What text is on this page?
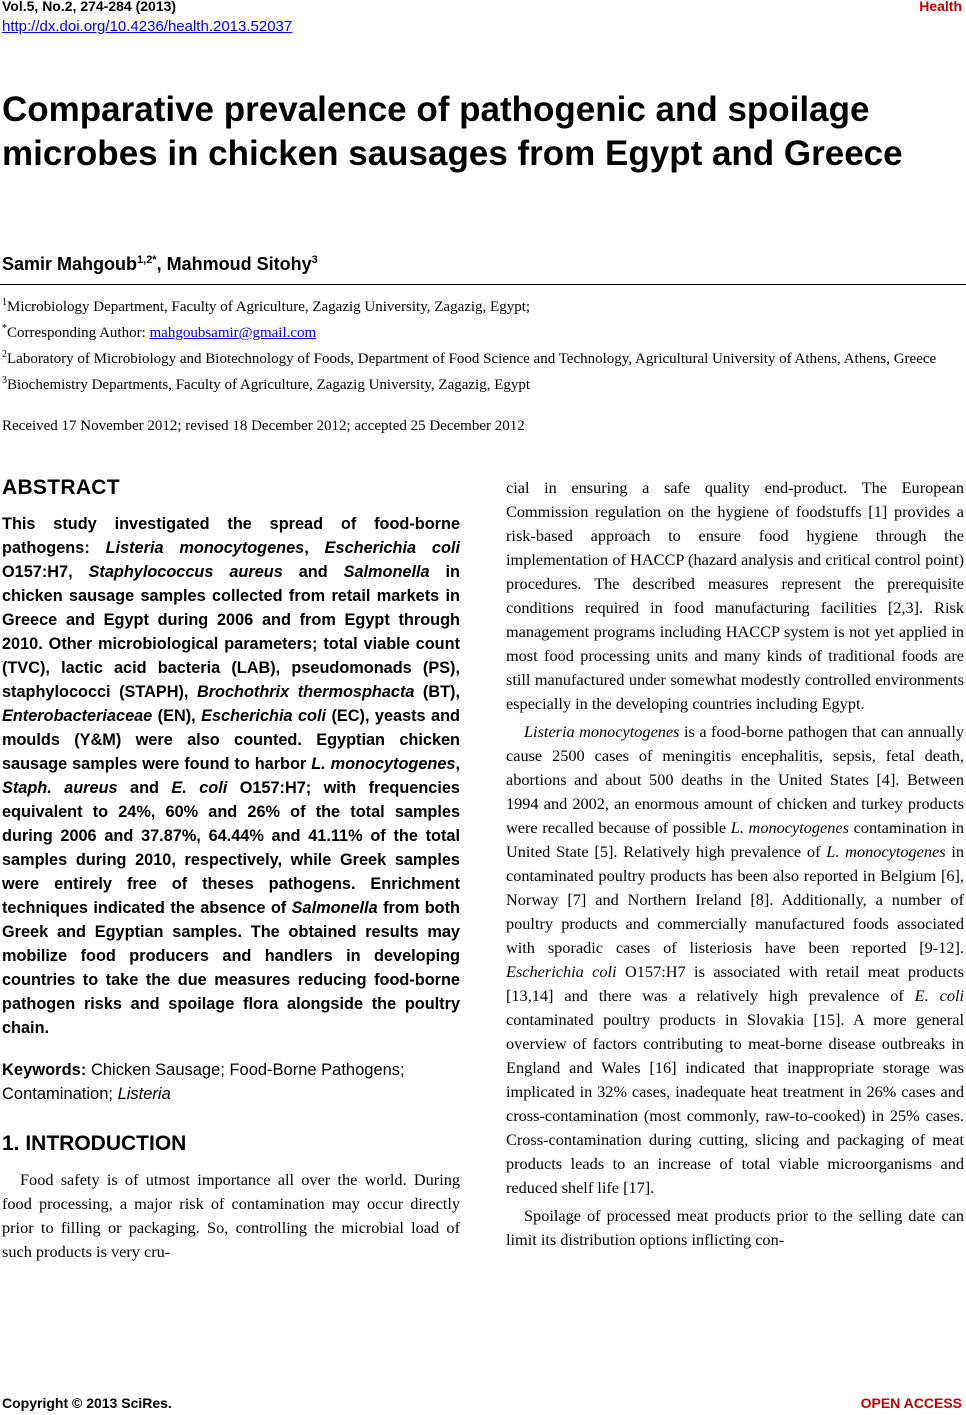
Vol.5, No.2, 274-284 (2013)
http://dx.doi.org/10.4236/health.2013.52037
Health
Comparative prevalence of pathogenic and spoilage microbes in chicken sausages from Egypt and Greece
Samir Mahgoub$^{1,2*}$, Mahmoud Sitohy$^3$
$^1$Microbiology Department, Faculty of Agriculture, Zagazig University, Zagazig, Egypt;
*Corresponding Author: mahgoubsamir@gmail.com
$^2$Laboratory of Microbiology and Biotechnology of Foods, Department of Food Science and Technology, Agricultural University of Athens, Athens, Greece
$^3$Biochemistry Departments, Faculty of Agriculture, Zagazig University, Zagazig, Egypt
Received 17 November 2012; revised 18 December 2012; accepted 25 December 2012
ABSTRACT

This study investigated the spread of food-borne pathogens: Listeria monocytogenes, Escherichia coli O157:H7, Staphylococcus aureus and Salmonella in chicken sausage samples collected from retail markets in Greece and Egypt during 2006 and from Egypt through 2010. Other microbiological parameters; total viable count (TVC), lactic acid bacteria (LAB), pseudomonads (PS), staphylococci (STAPH), Brochothrix thermosphacta (BT), Enterobacteriaceae (EN), Escherichia coli (EC), yeasts and moulds (Y&M) were also counted. Egyptian chicken sausage samples were found to harbor L. monocytogenes, Staph. aureus and E. coli O157:H7; with frequencies equivalent to 24%, 60% and 26% of the total samples during 2006 and 37.87%, 64.44% and 41.11% of the total samples during 2010, respectively, while Greek samples were entirely free of theses pathogens. Enrichment techniques indicated the absence of Salmonella from both Greek and Egyptian samples. The obtained results may mobilize food producers and handlers in developing countries to take the due measures reducing food-borne pathogen risks and spoilage flora alongside the poultry chain.

Keywords: Chicken Sausage; Food-Borne Pathogens; Contamination; Listeria

1. INTRODUCTION

Food safety is of utmost importance all over the world. During food processing, a major risk of contamination may occur directly prior to filling or packaging. So, controlling the microbial load of such products is very cru-

cial in ensuring a safe quality end-product. The European Commission regulation on the hygiene of foodstuffs [1] provides a risk-based approach to ensure food hygiene through the implementation of HACCP (hazard analysis and critical control point) procedures. The described measures represent the prerequisite conditions required in food manufacturing facilities [2,3]. Risk management programs including HACCP system is not yet applied in most food processing units and many kinds of traditional foods are still manufactured under somewhat modestly controlled environments especially in the developing countries including Egypt.

Listeria monocytogenes is a food-borne pathogen that can annually cause 2500 cases of meningitis encephalitis, sepsis, fetal death, abortions and about 500 deaths in the United States [4]. Between 1994 and 2002, an enormous amount of chicken and turkey products were recalled because of possible L. monocytogenes contamination in United State [5]. Relatively high prevalence of L. monocytogenes in contaminated poultry products has been also reported in Belgium [6], Norway [7] and Northern Ireland [8]. Additionally, a number of poultry products and commercially manufactured foods associated with sporadic cases of listeriosis have been reported [9-12]. Escherichia coli O157:H7 is associated with retail meat products [13,14] and there was a relatively high prevalence of E. coli contaminated poultry products in Slovakia [15]. A more general overview of factors contributing to meat-borne disease outbreaks in England and Wales [16] indicated that inappropriate storage was implicated in 32% cases, inadequate heat treatment in 26% cases and cross-contamination (most commonly, raw-to-cooked) in 25% cases. Cross-contamination during cutting, slicing and packaging of meat products leads to an increase of total viable microorganisms and reduced shelf life [17].

Spoilage of processed meat products prior to the selling date can limit its distribution options inflicting con-

Copyright © 2013 SciRes.	OPEN ACCESS
